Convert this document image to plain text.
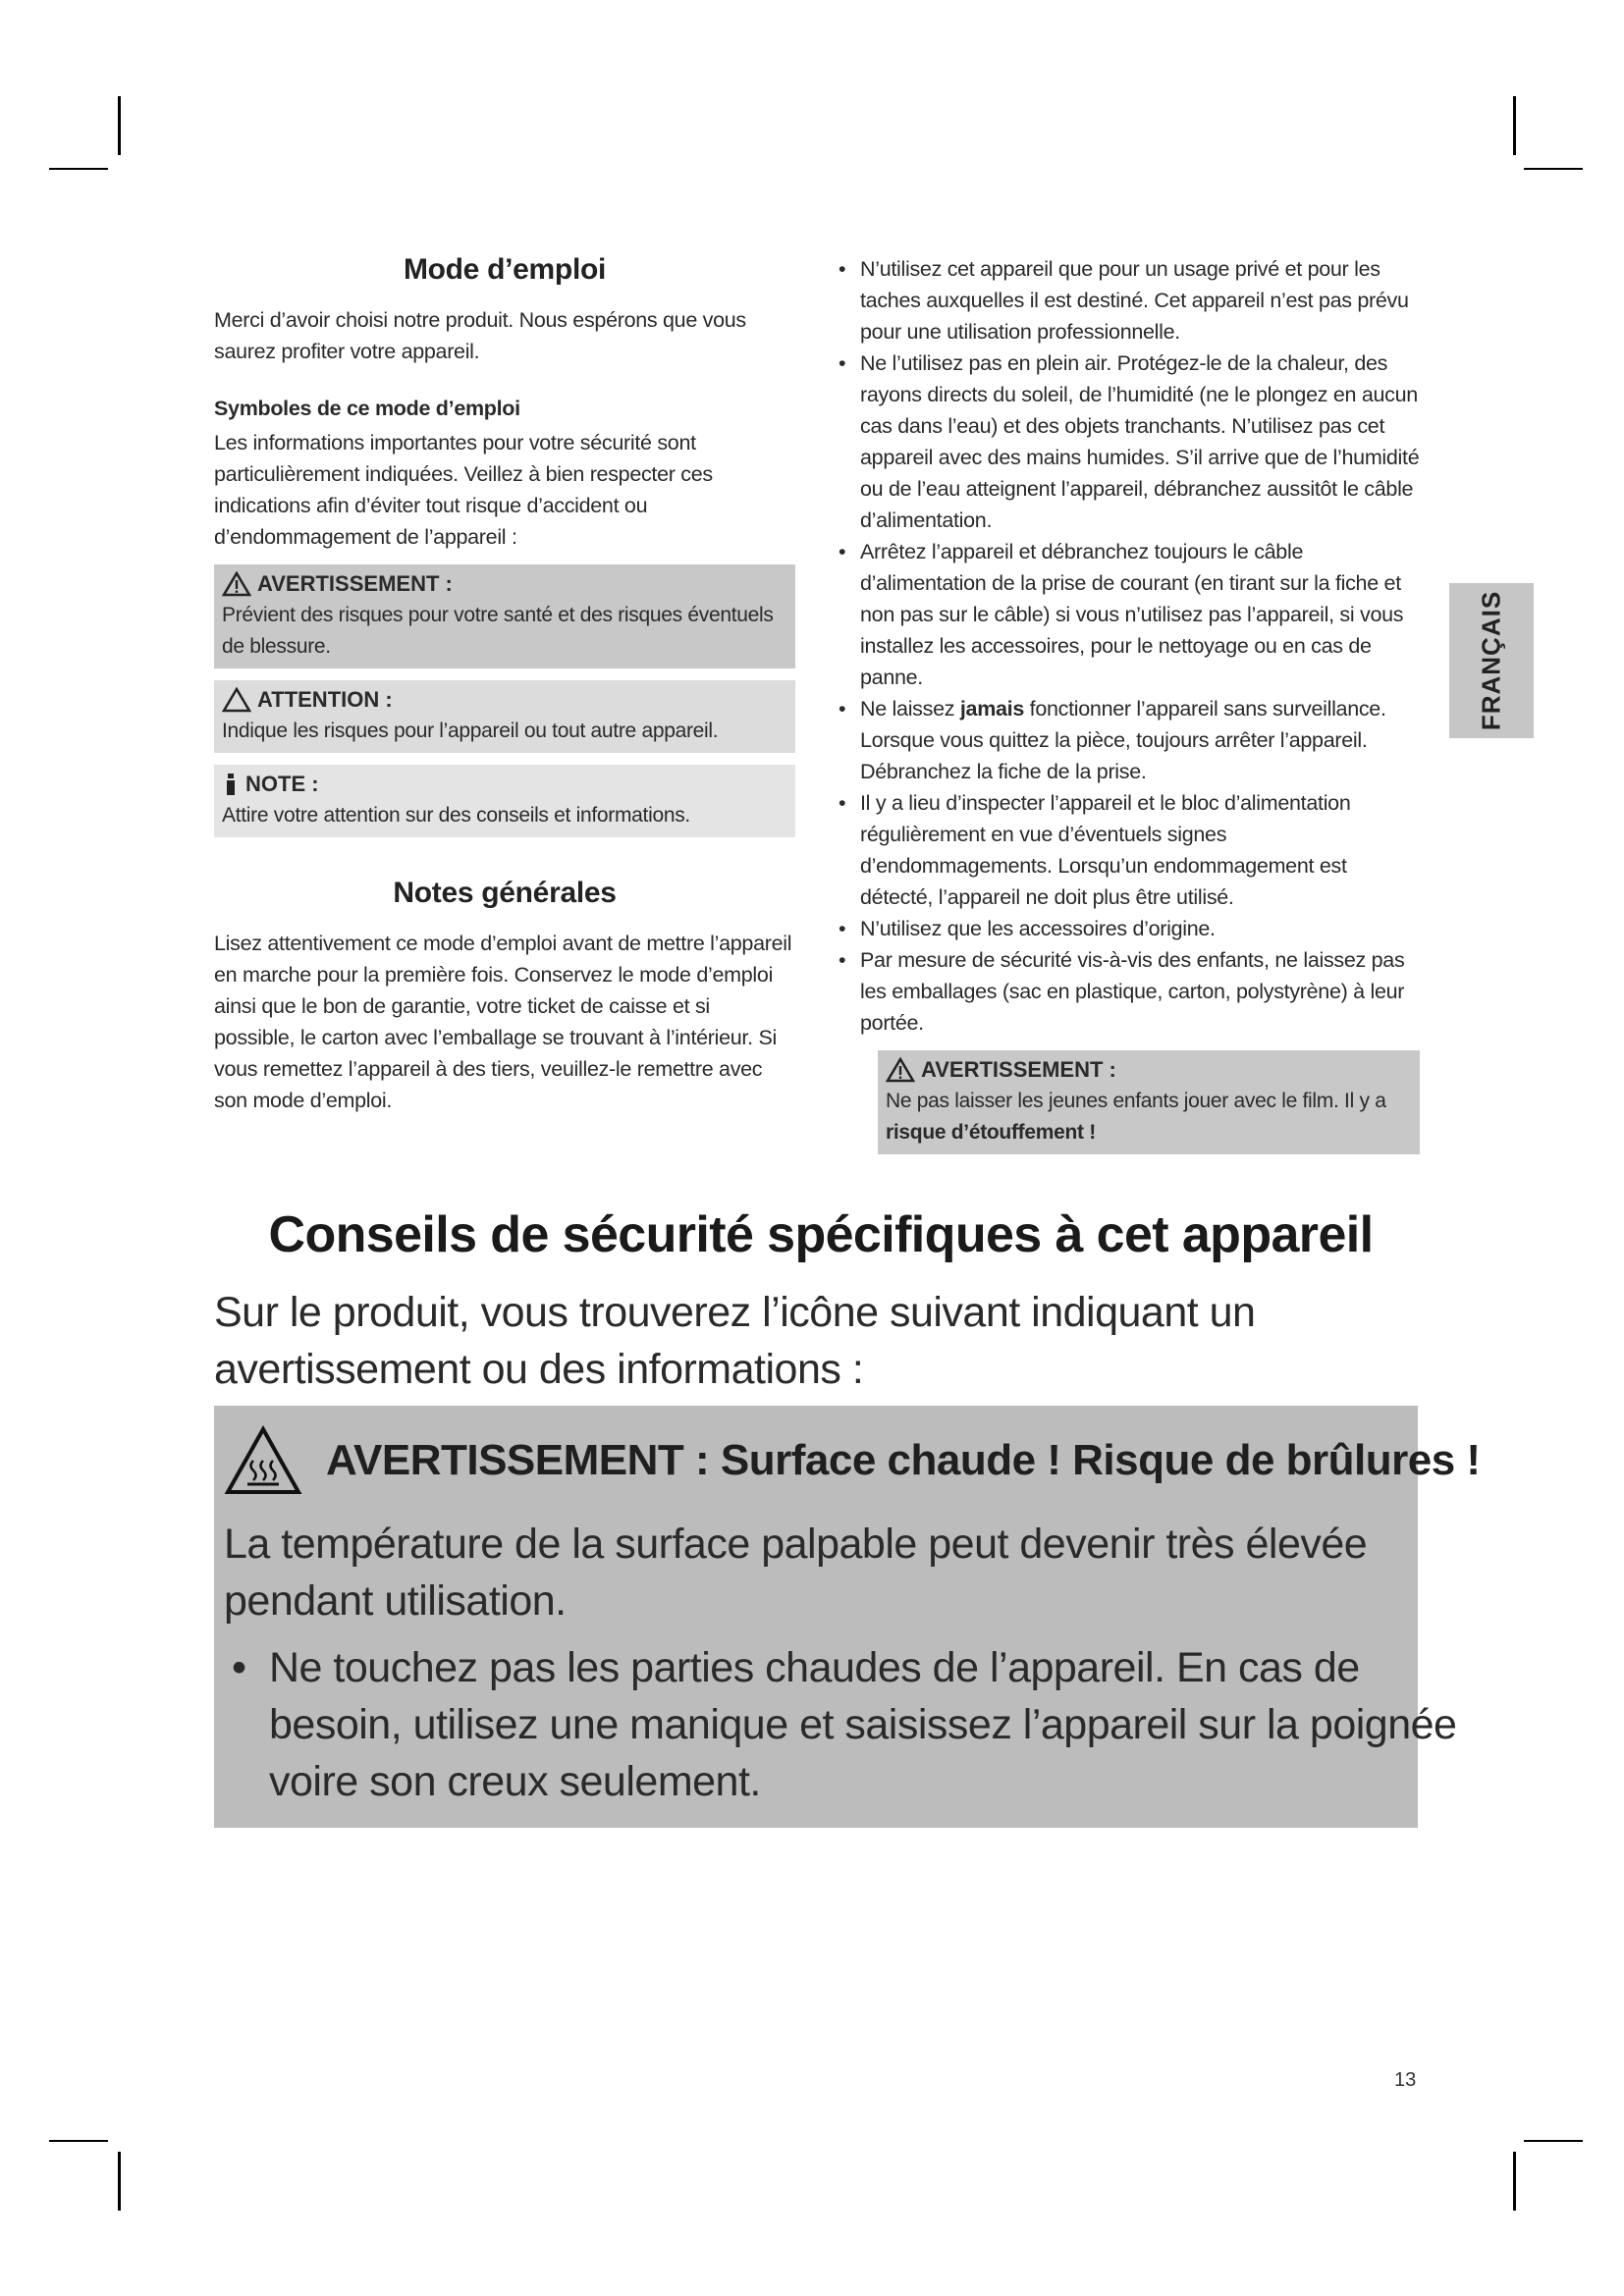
Mode d’emploi

Merci d’avoir choisi notre produit. Nous espérons que vous saurez profiter votre appareil.

Symboles de ce mode d’emploi

Les informations importantes pour votre sécurité sont particulièrement indiquées. Veillez à bien respecter ces indications afin d’éviter tout risque d’accident ou d’endommagement de l’appareil :

AVERTISSEMENT :
Prévient des risques pour votre santé et des risques éventuels de blessure.
ATTENTION :
Indique les risques pour l’appareil ou tout autre appareil.
NOTE :
Attire votre attention sur des conseils et informations.
Notes générales

Lisez attentivement ce mode d’emploi avant de mettre l’appareil en marche pour la première fois. Conservez le mode d’emploi ainsi que le bon de garantie, votre ticket de caisse et si possible, le carton avec l’emballage se trouvant à l’intérieur. Si vous remettez l’appareil à des tiers, veuillez-le remettre avec son mode d’emploi.

• N’utilisez cet appareil que pour un usage privé et pour les taches auxquelles il est destiné. Cet appareil n’est pas prévu pour une utilisation professionnelle.
• Ne l’utilisez pas en plein air. Protégez-le de la chaleur, des rayons directs du soleil, de l’humidité (ne le plongez en aucun cas dans l’eau) et des objets tranchants. N’utilisez pas cet appareil avec des mains humides. S’il arrive que de l’humidité ou de l’eau atteignent l’appareil, débranchez aussitôt le câble d’alimentation.
• Arrêtez l’appareil et débranchez toujours le câble d’alimentation de la prise de courant (en tirant sur la fiche et non pas sur le câble) si vous n’utilisez pas l’appareil, si vous installez les accessoires, pour le nettoyage ou en cas de panne.
• Ne laissez jamais fonctionner l’appareil sans surveillance. Lorsque vous quittez la pièce, toujours arrêter l’appareil. Débranchez la fiche de la prise.
• Il y a lieu d’inspecter l’appareil et le bloc d’alimentation régulièrement en vue d’éventuels signes d’endommagements. Lorsqu’un endommagement est détecté, l’appareil ne doit plus être utilisé.
• N’utilisez que les accessoires d’origine.
• Par mesure de sécurité vis-à-vis des enfants, ne laissez pas les emballages (sac en plastique, carton, polystyrène) à leur portée.
AVERTISSEMENT :
Ne pas laisser les jeunes enfants jouer avec le film. Il y a
risque d’étouffement !
FRANÇAIS
Conseils de sécurité spécifiques à cet appareil
Sur le produit, vous trouverez l’icône suivant indiquant un avertissement ou des informations :
AVERTISSEMENT : Surface chaude ! Risque de brûlures !
La température de la surface palpable peut devenir très élevée pendant utilisation.
• Ne touchez pas les parties chaudes de l’appareil. En cas de besoin, utilisez une manique et saisissez l’appareil sur la poignée voire son creux seulement.
13
